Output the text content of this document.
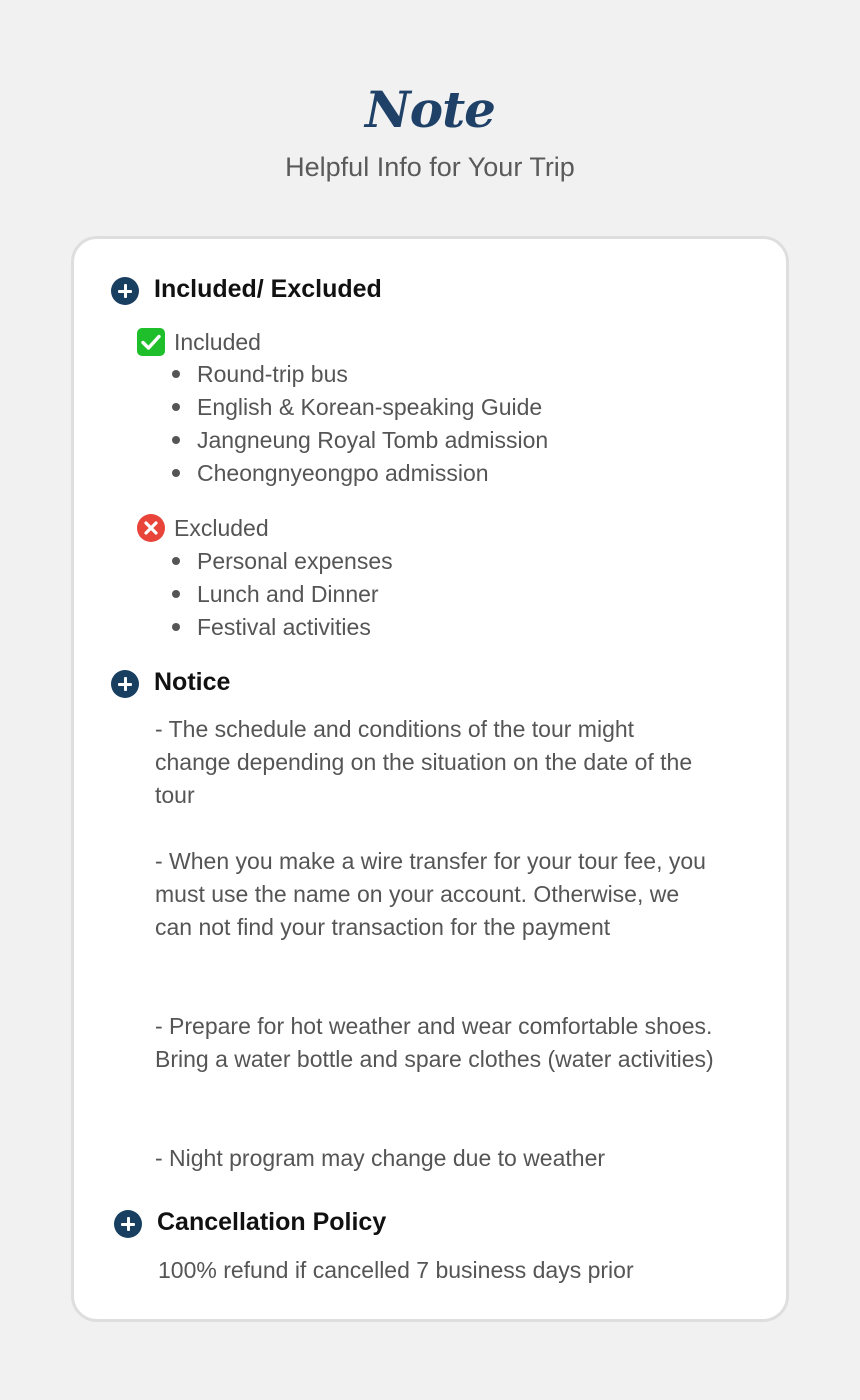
Note
Helpful Info for Your Trip
Included/ Excluded
Included
Round-trip bus
English & Korean-speaking Guide
Jangneung Royal Tomb admission
Cheongnyeongpo admission
Excluded
Personal expenses
Lunch and Dinner
Festival activities
Notice
- The schedule and conditions of the tour might change depending on the situation on the date of the tour
- When you make a wire transfer for your tour fee, you must use the name on your account. Otherwise, we can not find your transaction for the payment
- Prepare for hot weather and wear comfortable shoes. Bring a water bottle and spare clothes (water activities)
- Night program may change due to weather
Cancellation Policy
100% refund if cancelled 7 business days prior
